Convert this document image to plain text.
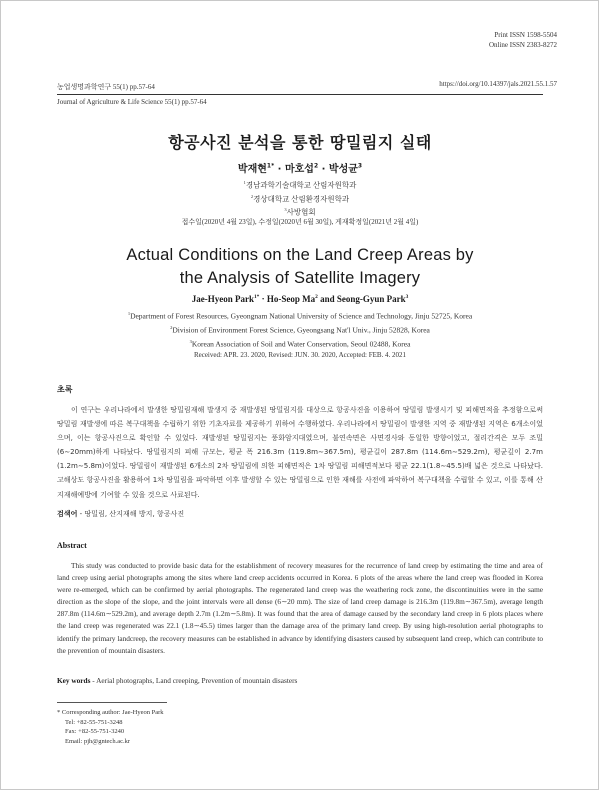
Print ISSN 1598-5504
Online ISSN 2383-8272
농업생명과학연구 55(1) pp.57-64
Journal of Agriculture & Life Science 55(1) pp.57-64
https://doi.org/10.14397/jals.2021.55.1.57
항공사진 분석을 통한 땅밀림지 실태
박재현$^{1*}$ · 마호섭$^2$ · 박성균$^3$
$^1$경남과학기술대학교 산림자원학과
$^2$경상대학교 산림환경자원학과
$^3$사방협회
접수일(2020년 4월 23일), 수정일(2020년 6월 30일), 게재확정일(2021년 2월 4일)
Actual Conditions on the Land Creep Areas by
the Analysis of Satellite Imagery
Jae-Hyeon Park$^{1*}$ · Ho-Seop Ma$^2$ and Seong-Gyun Park$^3$
$^1$Department of Forest Resources, Gyeongnam National University of Science and Technology, Jinju 52725, Korea
$^2$Division of Environment Forest Science, Gyeongsang Nat'l Univ., Jinju 52828, Korea
$^3$Korean Association of Soil and Water Conservation, Seoul 02488, Korea
Received: APR. 23. 2020, Revised: JUN. 30. 2020, Accepted: FEB. 4. 2021
초록

이 연구는 우리나라에서 발생한 땅밀림재해 발생지 중 재발생된 땅밀림지를 대상으로 항공사진을 이용하여 땅밀림 발생시기 및 피해면적을 추정함으로써 땅밀림 재발생에 따른 복구대책을 수립하기 위한 기초자료를 제공하기 위하여 수행하였다. 우리나라에서 땅밀림이 발생한 지역 중 재발생된 지역은 6개소이었으며, 이는 항공사진으로 확인할 수 있었다. 재발생된 땅밀림지는 풍화암지대였으며, 불연속면은 사면경사와 동일한 방향이었고, 절리간격은 모두 조밀(6∼20mm)하게 나타났다. 땅밀림지의 피해 규모는, 평균 폭 216.3m (119.8m∼367.5m), 평균길이 287.8m (114.6m∼529.2m), 평균깊이 2.7m (1.2m∼5.8m)이었다. 땅밀림이 재발생된 6개소의 2차 땅밀림에 의한 피해면적은 1차 땅밀림 피해면적보다 평균 22.1(1.8∼45.5)배 넓은 것으로 나타났다. 고해상도 항공사진을 활용하여 1차 땅밀림을 파악하면 이후 발생할 수 있는 땅밀림으로 인한 재해를 사전에 파악하여 복구대책을 수립할 수 있고, 이를 통해 산지재해예방에 기여할 수 있을 것으로 사료된다.

검색어 - 땅밀림, 산지재해 방지, 항공사진
Abstract

This study was conducted to provide basic data for the establishment of recovery measures for the recurrence of land creep by estimating the time and area of land creep using aerial photographs among the sites where land creep accidents occurred in Korea. 6 plots of the areas where the land creep was flooded in Korea were re-emerged, which can be confirmed by aerial photographs. The regenerated land creep was the weathering rock zone, the discontinuities were in the same direction as the slope of the slope, and the joint intervals were all dense (6∼20 mm). The size of land creep damage is 216.3m (119.8m∼367.5m), average length 287.8m (114.6m∼529.2m), and average depth 2.7m (1.2m∼5.8m). It was found that the area of damage caused by the secondary land creep in 6 plots places where the land creep was regenerated was 22.1 (1.8∼45.5) times larger than the damage area of the primary land creep. By using high-resolution aerial photographs to identify the primary landcreep, the recovery measures can be established in advance by identifying disasters caused by subsequent land creep, which can contribute to the prevention of mountain disasters.

Key words - Aerial photographs, Land creeping, Prevention of mountain disasters
* Corresponding author: Jae-Hyeon Park
Tel: +82-55-751-3248
Fax: +82-55-751-3240
Email: pjh@gntech.ac.kr
